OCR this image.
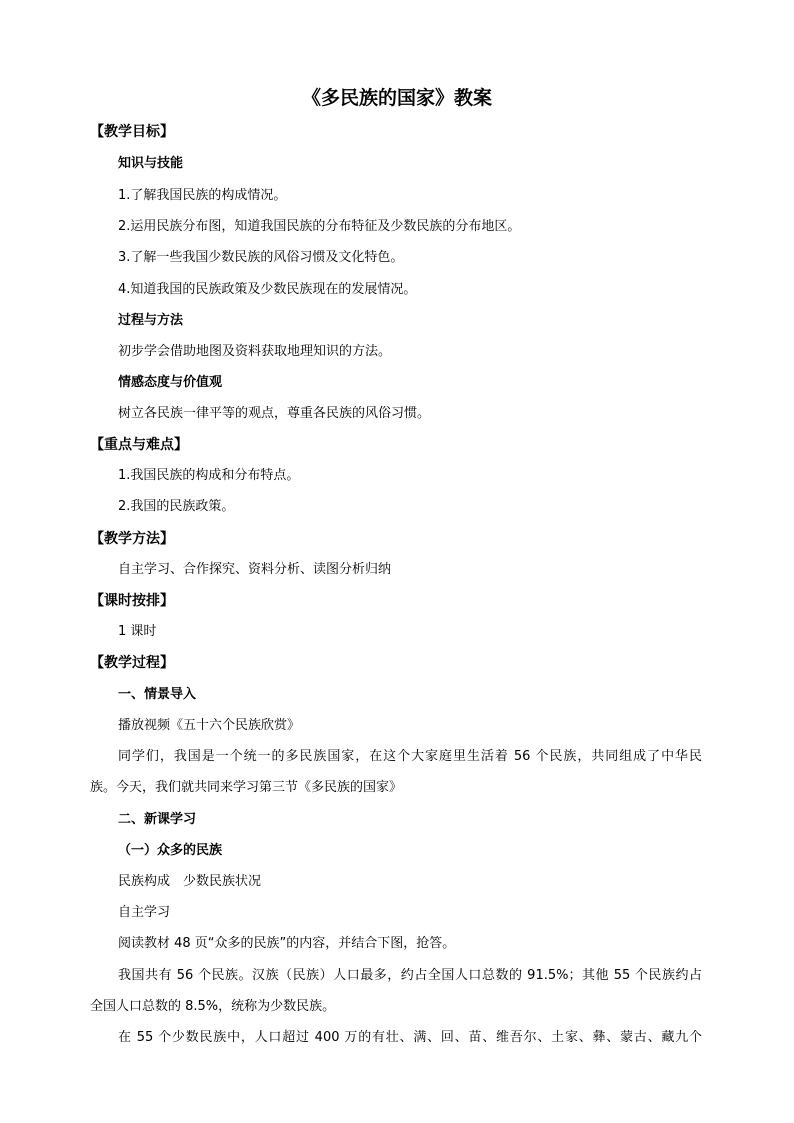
《多民族的国家》教案
【教学目标】
知识与技能
1.了解我国民族的构成情况。
2.运用民族分布图，知道我国民族的分布特征及少数民族的分布地区。
3.了解一些我国少数民族的风俗习惯及文化特色。
4.知道我国的民族政策及少数民族现在的发展情况。
过程与方法
初步学会借助地图及资料获取地理知识的方法。
情感态度与价值观
树立各民族一律平等的观点，尊重各民族的风俗习惯。
【重点与难点】
1.我国民族的构成和分布特点。
2.我国的民族政策。
【教学方法】
自主学习、合作探究、资料分析、读图分析归纳
【课时按排】
1 课时
【教学过程】
一、情景导入
播放视频《五十六个民族欣赏》
同学们，我国是一个统一的多民族国家，在这个大家庭里生活着 56 个民族，共同组成了中华民
族。今天，我们就共同来学习第三节《多民族的国家》
二、新课学习
（一）众多的民族
民族构成　少数民族状况
自主学习
阅读教材 48 页“众多的民族”的内容，并结合下图，抢答。
我国共有 56 个民族。汉族（民族）人口最多，约占全国人口总数的 91.5%；其他 55 个民族约占
全国人口总数的 8.5%，统称为少数民族。
在 55 个少数民族中，人口超过 400 万的有壮、满、回、苗、维吾尔、土家、彝、蒙古、藏九个
